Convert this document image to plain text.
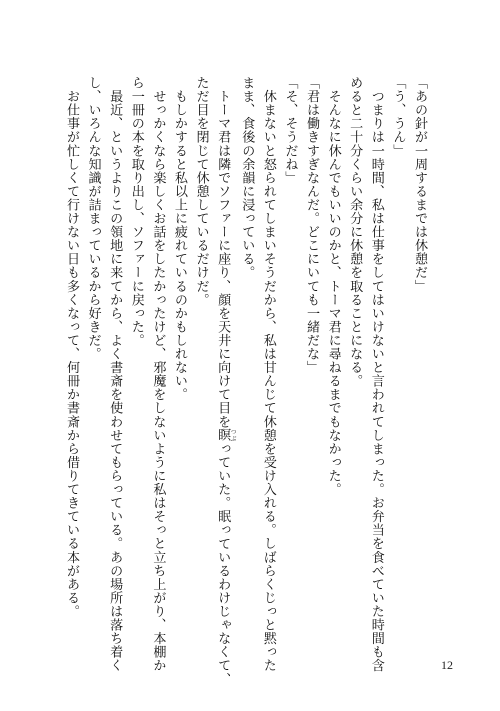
「あの針が一周するまでは休憩だ」
「う、うん」
　つまりは一時間、私は仕事をしてはいけないと言われてしまった。お弁当を食べていた時間も含
めると二十分くらい余分に休憩を取ることになる。
　そんなに休んでもいいのかと、トーマ君に尋ねるまでもなかった。
「君は働きすぎなんだ。どこにいても一緒だな」
「そ、そうだね」
　休まないと怒られてしまいそうだから、私は甘んじて休憩を受け入れる。しばらくじっと黙った
まま、食後の余韻に浸っている。
　トーマ君は隣でソファーに座り、顔を天井に向けて目を瞑 つぶっていた。眠っているわけじゃなくて、
ただ目を閉じて休憩しているだけだ。
　もしかすると私以上に疲れているのかもしれない。
　せっかくなら楽しくお話をしたかったけど、邪魔をしないように私はそっと立ち上がり、本棚か
ら一冊の本を取り出し、ソファーに戻った。
　最近、というよりこの領地に来てから、よく書斎を使わせてもらっている。あの場所は落ち着く
し、いろんな知識が詰まっているから好きだ。
　お仕事が忙しくて行けない日も多くなって、何冊か書斎から借りてきている本がある。
12
